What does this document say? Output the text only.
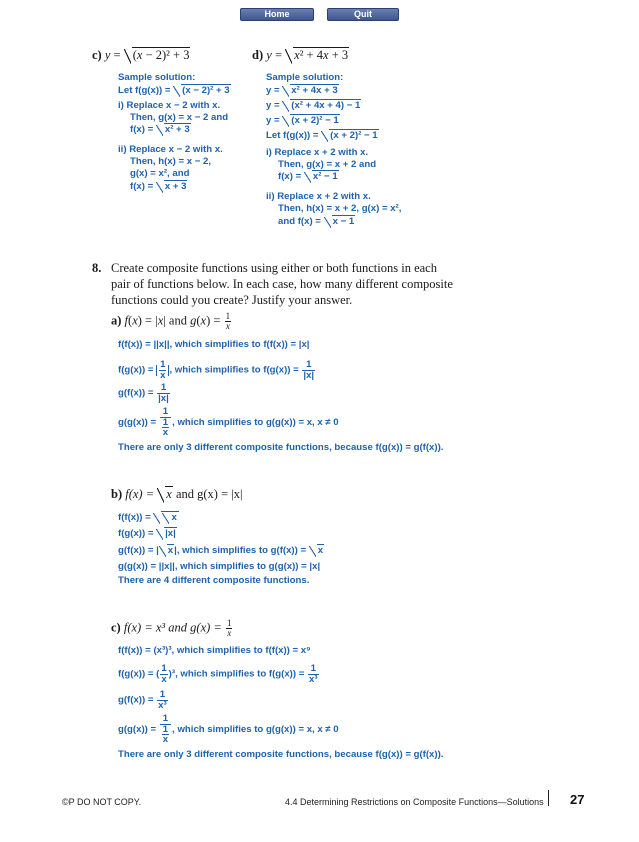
Home	Quit
c) y = (x − 2)² + 3
Sample solution:
Let f(g(x)) = (x − 2)² + 3
i) Replace x − 2 with x.
Then, g(x) = x − 2 and
f(x) = x² + 3
ii) Replace x − 2 with x.
Then, h(x) = x − 2,
g(x) = x², and
f(x) = x + 3
d) y = x² + 4x + 3
Sample solution:
y = x² + 4x + 3
y = (x² + 4x + 4) − 1
y = (x + 2)² − 1
Let f(g(x)) = (x + 2)² − 1
i) Replace x + 2 with x.
Then, g(x) = x + 2 and
f(x) = x² − 1
ii) Replace x + 2 with x.
Then, h(x) = x + 2, g(x) = x²,
and f(x) = x − 1
8. Create composite functions using either or both functions in each
pair of functions below. In each case, how many different composite
functions could you create? Justify your answer.
a) f(x) = |x| and $g(x) = \frac{1}{x}$
f(f(x)) = ||x||, which simplifies to f(f(x)) = |x|
$f(g(x)) = \frac{1}{x}$ , which simplifies to $f(g(x)) = \frac{1}{|x|}$
$g(f(x)) = \frac{1}{|x|}$
$g(g(x)) = \frac{1}{\frac{1}{x}}$ , which simplifies to g(g(x)) = x, x ≠ 0
There are only 3 different composite functions, because f(g(x)) = g(f(x)).
b) f(x) = x and g(x) = |x|
f(f(x)) = x
f(g(x)) = |x|
g(f(x)) = | x|, which simplifies to g(f(x)) = x
g(g(x)) = ||x||, which simplifies to g(g(x)) = |x|
There are 4 different composite functions.
c) f(x) = x³ and $g(x) = \frac{1}{x}$
f(f(x)) = (x³)³, which simplifies to f(f(x)) = x⁹
f(g(x)) = ( $\frac{1}{x} )^3$, which simplifies to $f(g(x)) = \frac{1}{\text{x³}}$
$g(f(x)) = \frac{1}{\text{x³}}$
$g(g(x)) = \frac{1}{\frac{1}{x}}$ , which simplifies to g(g(x)) = x, x ≠ 0
There are only 3 different composite functions, because f(g(x)) = g(f(x)).
©P DO NOT COPY.	4.4 Determining Restrictions on Composite Functions—Solutions 27
